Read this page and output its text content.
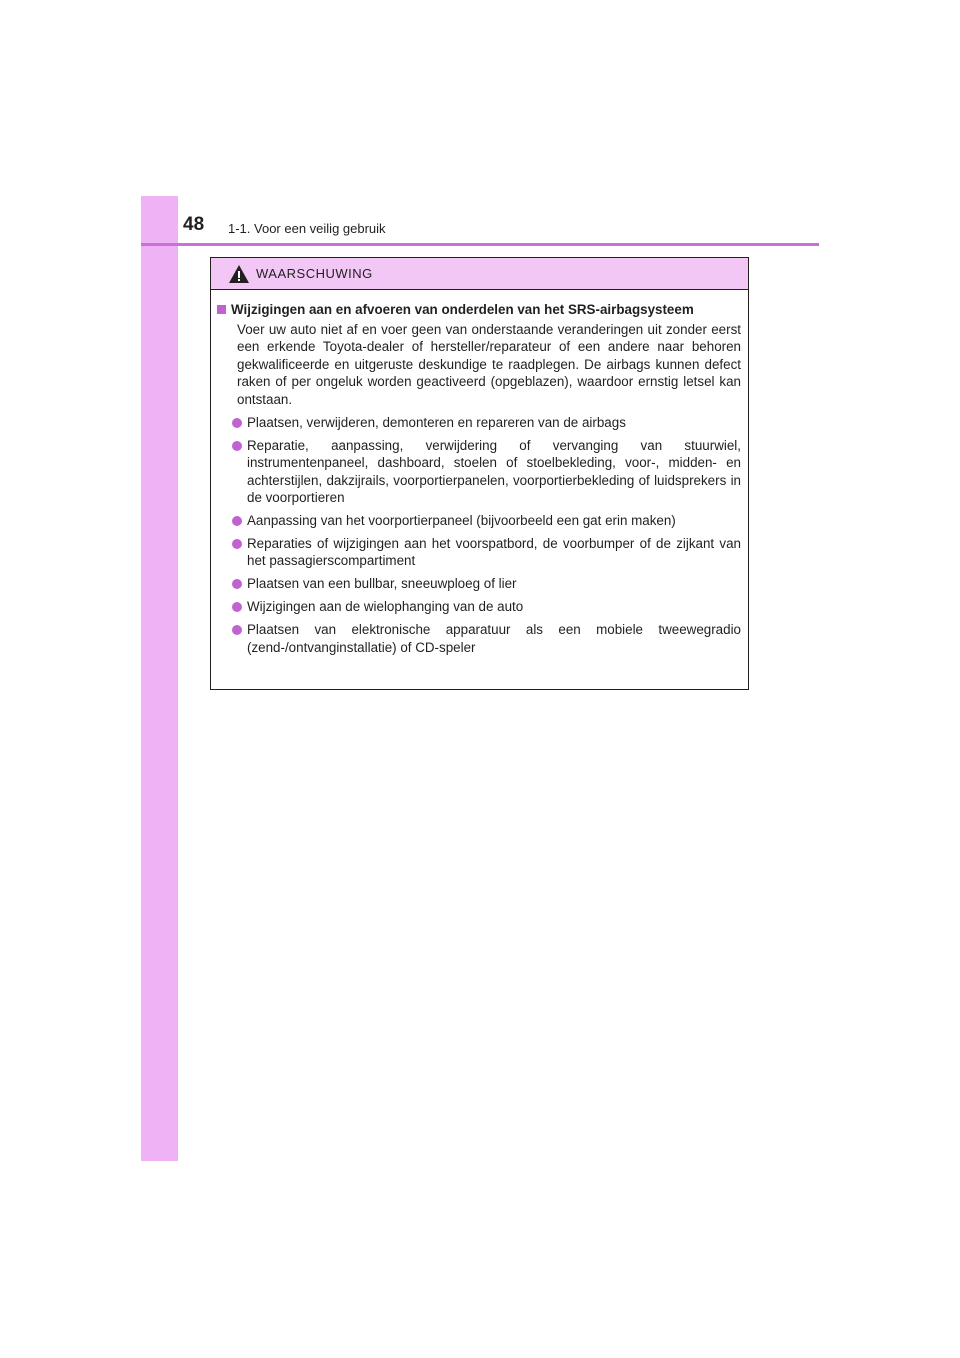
48 1-1. Voor een veilig gebruik
WAARSCHUWING
Wijzigingen aan en afvoeren van onderdelen van het SRS-airbagsysteem

Voer uw auto niet af en voer geen van onderstaande veranderingen uit zonder eerst een erkende Toyota-dealer of hersteller/reparateur of een andere naar behoren gekwalificeerde en uitgeruste deskundige te raadplegen. De airbags kunnen defect raken of per ongeluk worden geactiveerd (opgeblazen), waardoor ernstig letsel kan ontstaan.

Plaatsen, verwijderen, demonteren en repareren van de airbags
Reparatie, aanpassing, verwijdering of vervanging van stuurwiel, instrumentenpaneel, dashboard, stoelen of stoelbekleding, voor-, midden- en achterstijlen, dakzijrails, voorportierpanelen, voorportierbekleding of luidsprekers in de voorportieren
Aanpassing van het voorportierpaneel (bijvoorbeeld een gat erin maken)
Reparaties of wijzigingen aan het voorspatbord, de voorbumper of de zijkant van het passagierscompartiment
Plaatsen van een bullbar, sneeuwploeg of lier
Wijzigingen aan de wielophanging van de auto
Plaatsen van elektronische apparatuur als een mobiele tweewegradio (zend-/ontvanginstallatie) of CD-speler
